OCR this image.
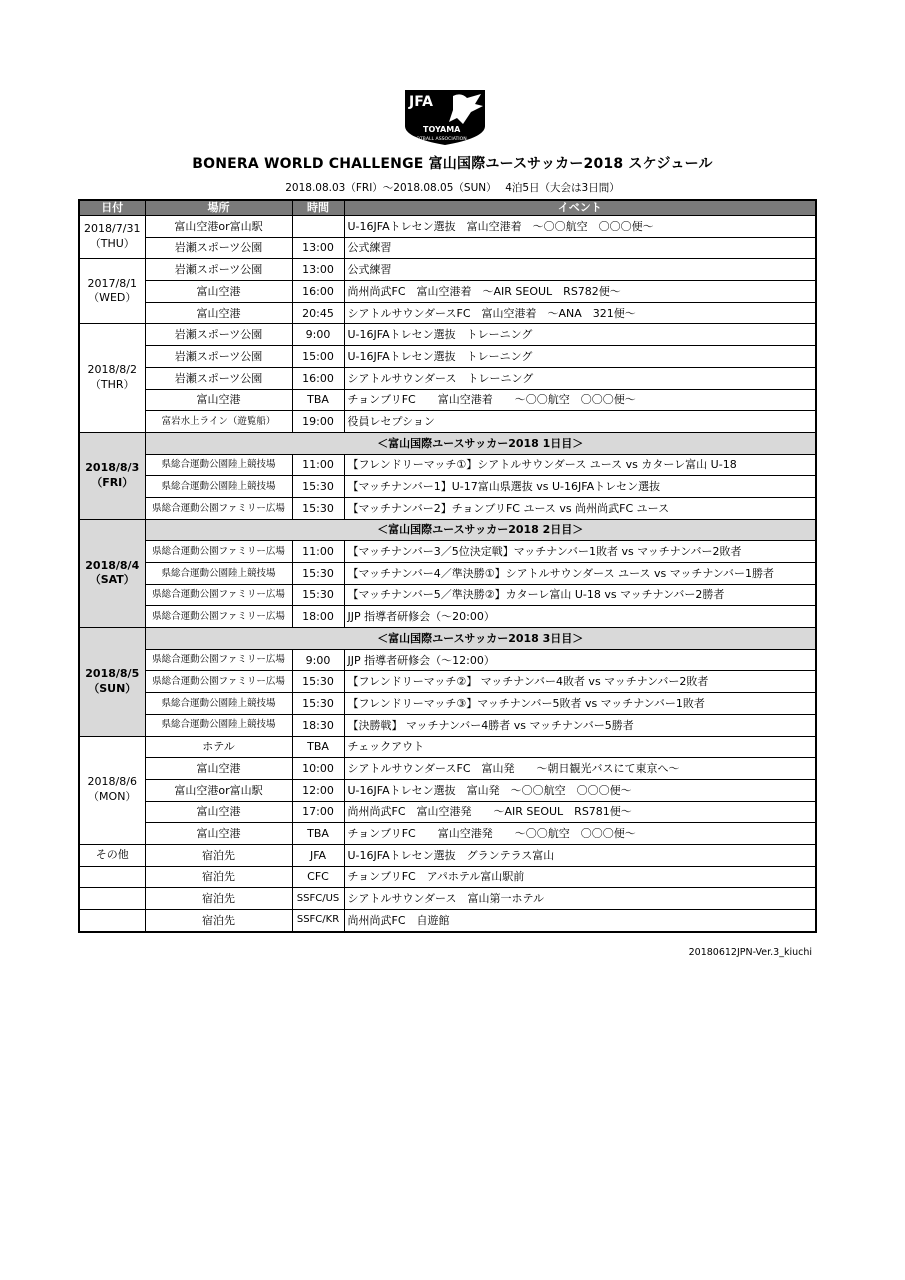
JFA
TOYAMA
FOOTBALL ASSOCIATION
BONERA WORLD CHALLENGE 富山国際ユースサッカー2018 スケジュール
2018.08.03（FRI）～2018.08.05（SUN）　 4泊5日（大会は3日間）
日付	場所	時間	イベント

2018/7/31
（THU）	富山空港or富山駅		U-16JFAトレセン選抜　富山空港着　～〇〇航空　〇〇〇便～
	岩瀬スポーツ公園	13:00	公式練習

2017/8/1
（WED）	岩瀬スポーツ公園	13:00	公式練習
	富山空港	16:00	尚州尚武FC　富山空港着　～AIR SEOUL　RS782便～
	富山空港	20:45	シアトルサウンダースFC　富山空港着　～ANA　321便～

2018/8/2
（THR）	岩瀬スポーツ公園	9:00	U-16JFAトレセン選抜　トレーニング
	岩瀬スポーツ公園	15:00	U-16JFAトレセン選抜　トレーニング
	岩瀬スポーツ公園	16:00	シアトルサウンダース　トレーニング
	富山空港	TBA	チョンブリFC　　富山空港着　　～〇〇航空　〇〇〇便～
	富岩水上ライン（遊覧船）	19:00	役員レセプション

2018/8/3
（FRI）	＜富山国際ユースサッカー2018 1日目＞		
	県総合運動公園陸上競技場	11:00	【フレンドリーマッチ①】シアトルサウンダース ユース vs カターレ富山 U-18
	県総合運動公園陸上競技場	15:30	【マッチナンバー1】U-17富山県選抜 vs U-16JFAトレセン選抜
	県総合運動公園ファミリー広場	15:30	【マッチナンバー2】チョンブリFC ユース vs 尚州尚武FC ユース

2018/8/4
（SAT）	＜富山国際ユースサッカー2018 2日目＞		
	県総合運動公園ファミリー広場	11:00	【マッチナンバー3／5位決定戦】マッチナンバー1敗者 vs マッチナンバー2敗者
	県総合運動公園陸上競技場	15:30	【マッチナンバー4／準決勝①】シアトルサウンダース ユース vs マッチナンバー1勝者
	県総合運動公園ファミリー広場	15:30	【マッチナンバー5／準決勝②】カターレ富山 U-18 vs マッチナンバー2勝者
	県総合運動公園ファミリー広場	18:00	JJP 指導者研修会（～20:00）

2018/8/5
（SUN）	＜富山国際ユースサッカー2018 3日目＞		
	県総合運動公園ファミリー広場	9:00	JJP 指導者研修会（～12:00）
	県総合運動公園ファミリー広場	15:30	【フレンドリーマッチ②】 マッチナンバー4敗者 vs マッチナンバー2敗者
	県総合運動公園陸上競技場	15:30	【フレンドリーマッチ③】マッチナンバー5敗者 vs マッチナンバー1敗者
	県総合運動公園陸上競技場	18:30	【決勝戦】 マッチナンバー4勝者 vs マッチナンバー5勝者

2018/8/6
（MON）	ホテル	TBA	チェックアウト
	富山空港	10:00	シアトルサウンダースFC　富山発　　～朝日観光バスにて東京へ～
	富山空港or富山駅	12:00	U-16JFAトレセン選抜　富山発　～〇〇航空　〇〇〇便～
	富山空港	17:00	尚州尚武FC　富山空港発　　～AIR SEOUL　RS781便～
	富山空港	TBA	チョンブリFC　　富山空港発　　～〇〇航空　〇〇〇便～

その他	宿泊先	JFA	U-16JFAトレセン選抜　グランテラス富山

	宿泊先	CFC	チョンブリFC　アパホテル富山駅前

	宿泊先	SSFC/US	シアトルサウンダース　富山第一ホテル

	宿泊先	SSFC/KR	尚州尚武FC　自遊館
20180612JPN-Ver.3_kiuchi
